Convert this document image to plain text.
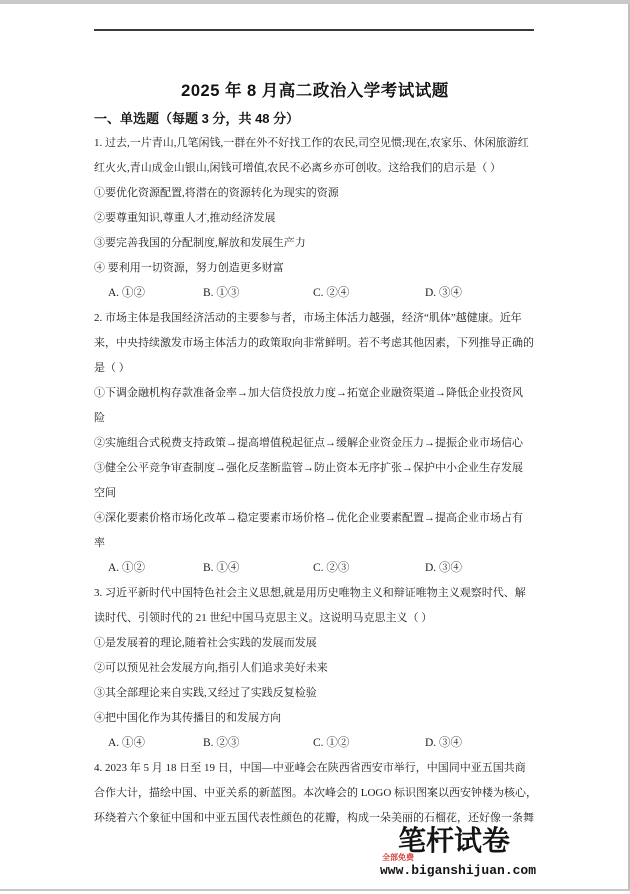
2025 年 8 月高二政治入学考试试题
一、单选题（每题 3 分，共 48 分）
1. 过去,一片青山,几笔闲钱,一群在外不好找工作的农民,司空见惯;现在,农家乐、休闲旅游红
红火火,青山成金山银山,闲钱可增值,农民不必离乡亦可创收。这给我们的启示是（ ）
①要优化资源配置,将潜在的资源转化为现实的资源
②要尊重知识,尊重人才,推动经济发展
③要完善我国的分配制度,解放和发展生产力
④ 要利用一切资源，努力创造更多财富
A. ①②	B. ①③	C. ②④	D. ③④
2. 市场主体是我国经济活动的主要参与者，市场主体活力越强，经济“肌体”越健康。近年
来，中央持续激发市场主体活力的政策取向非常鲜明。若不考虑其他因素，下列推导正确的
是（ ）
①下调金融机构存款准备金率→加大信贷投放力度→拓宽企业融资渠道→降低企业投资风
险
②实施组合式税费支持政策→提高增值税起征点→缓解企业资金压力→提振企业市场信心
③健全公平竞争审查制度→强化反垄断监管→防止资本无序扩张→保护中小企业生存发展
空间
④深化要素价格市场化改革→稳定要素市场价格→优化企业要素配置→提高企业市场占有
率
A. ①②	B. ①④	C. ②③	D. ③④
3. 习近平新时代中国特色社会主义思想,就是用历史唯物主义和辩证唯物主义观察时代、解
读时代、引领时代的 21 世纪中国马克思主义。这说明马克思主义（ ）
①是发展着的理论,随着社会实践的发展而发展
②可以预见社会发展方向,指引人们追求美好未来
③其全部理论来自实践,又经过了实践反复检验
④把中国化作为其传播目的和发展方向
A. ①④	B. ②③	C. ①②	D. ③④
4. 2023 年 5 月 18 日至 19 日，中国—中亚峰会在陕西省西安市举行，中国同中亚五国共商
合作大计，描绘中国、中亚关系的新蓝图。本次峰会的 LOGO 标识图案以西安钟楼为核心，
环绕着六个象征中国和中亚五国代表性颜色的花瓣，构成一朵美丽的石榴花，还好像一条舞
笔杆试卷
全部免费
www.biganshijuan.com
